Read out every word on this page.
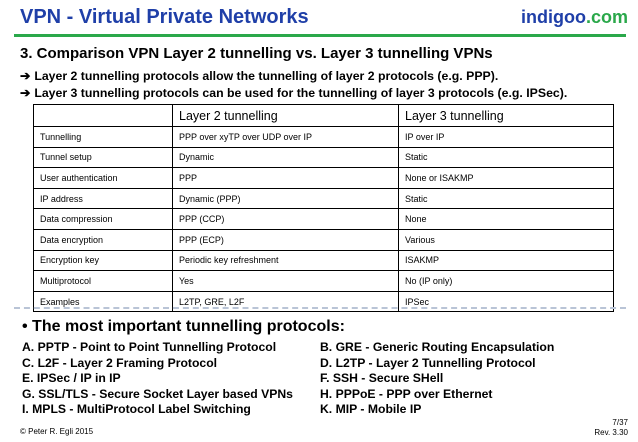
VPN - Virtual Private Networks	indigoo.com
3. Comparison VPN Layer 2 tunnelling vs. Layer 3 tunnelling VPNs
➔ Layer 2 tunnelling protocols allow the tunnelling of layer 2 protocols (e.g. PPP).
➔ Layer 3 tunnelling protocols can be used for the tunnelling of layer 3 protocols (e.g. IPSec).
	Layer 2 tunnelling	Layer 3 tunnelling
Tunnelling	PPP over xyTP over UDP over IP	IP over IP
Tunnel setup	Dynamic	Static
User authentication	PPP	None or ISAKMP
IP address	Dynamic (PPP)	Static
Data compression	PPP (CCP)	None
Data encryption	PPP (ECP)	Various
Encryption key	Periodic key refreshment	ISAKMP
Multiprotocol	Yes	No (IP only)
Examples	L2TP, GRE, L2F	IPSec
• The most important tunnelling protocols:
A. PPTP - Point to Point Tunnelling Protocol	B. GRE - Generic Routing Encapsulation
C. L2F - Layer 2 Framing Protocol	D. L2TP - Layer 2 Tunnelling Protocol
E. IPSec / IP in IP	F. SSH - Secure SHell
G. SSL/TLS - Secure Socket Layer based VPNs H. PPPoE - PPP over Ethernet
I. MPLS - MultiProtocol Label Switching	K. MIP - Mobile IP
© Peter R. Egli 2015
7/37
Rev. 3.30
